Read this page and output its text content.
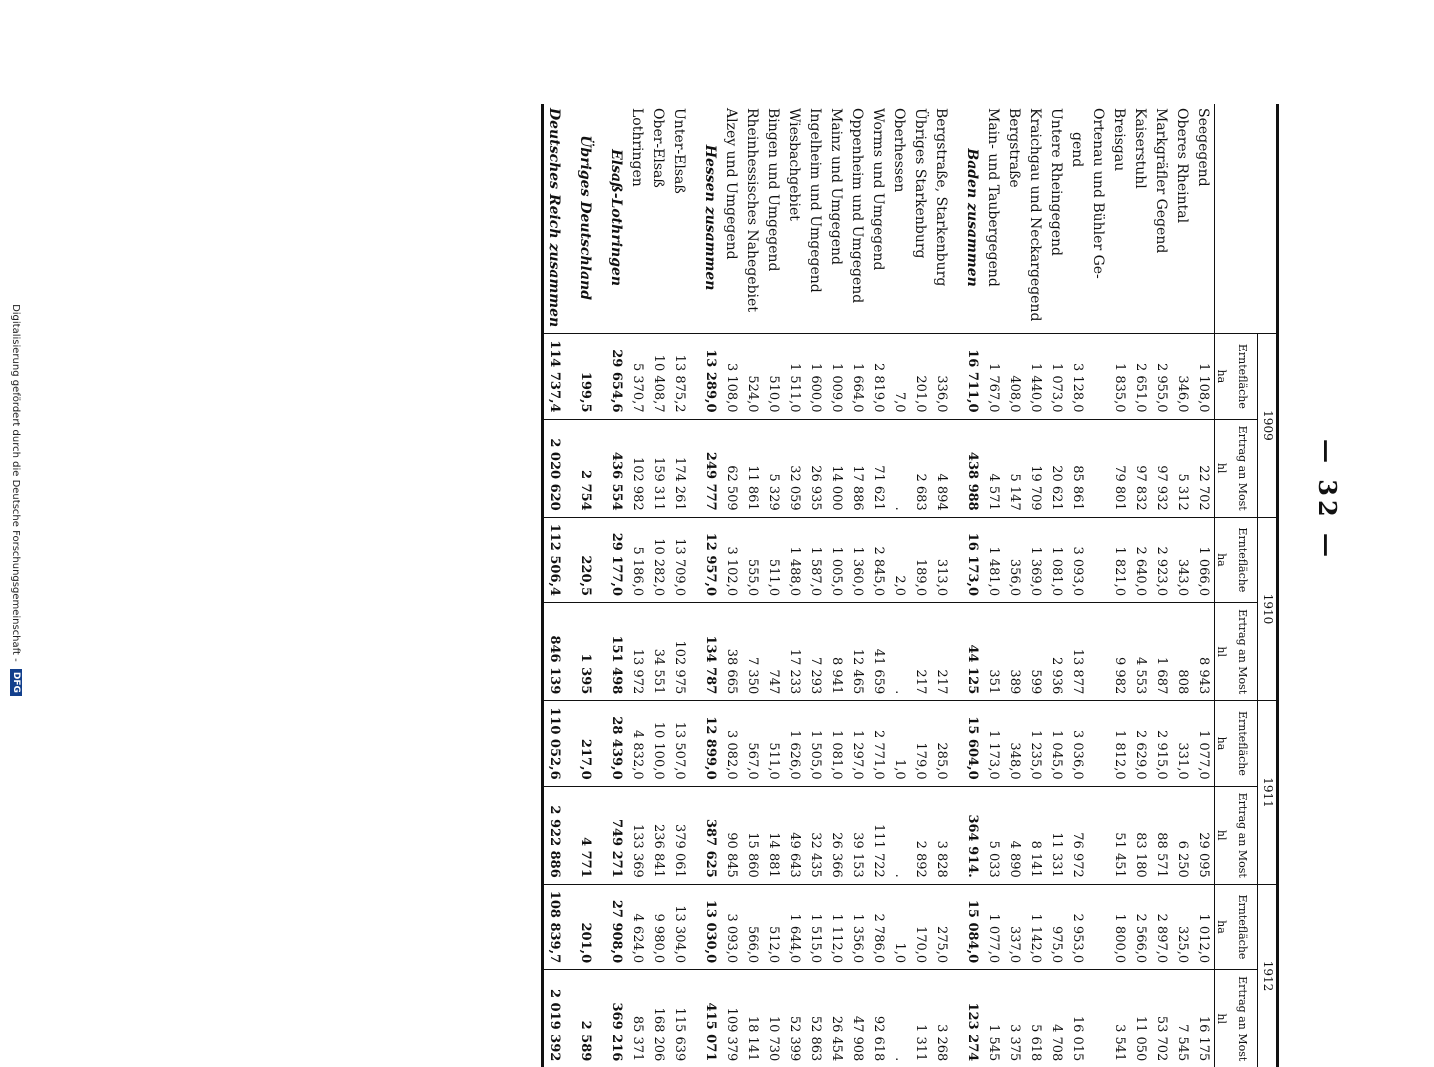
— 32 —
	1909		1910		1911		1912	
	Erntefläche	Ertrag an Most	Erntefläche	Ertrag an Most	Erntefläche	Ertrag an Most	Erntefläche	Ertrag an Most
	ha	hl	ha	hl	ha	hl	ha	hl
Seegegend	1 108,0	22 702	1 066,0	8 943	1 077,0	29 095	1 012,0	16 175
Oberes Rheintal	346,0	5 312	343,0	808	331,0	6 250	325,0	7 545
Markgräfler Gegend	2 955,0	97 932	2 923,0	1 687	2 915,0	88 571	2 897,0	53 702
Kaiserstuhl	2 651,0	97 832	2 640,0	4 553	2 629,0	83 180	2 566,0	11 050
Breisgau	1 835,0	79 801	1 821,0	9 982	1 812,0	51 451	1 800,0	3 541
Ortenau und Bühler Ge-								
gend	3 128,0	85 861	3 093,0	13 877	3 036,0	76 972	2 953,0	16 015
Untere Rheingegend	1 073,0	20 621	1 081,0	2 936	1 045,0	11 331	975,0	4 708
Kraichgau und Neckargegend	1 440,0	19 709	1 369,0	599	1 235,0	8 141	1 142,0	5 618
Bergstraße	408,0	5 147	356,0	389	348,0	4 890	337,0	3 375
Main- und Taubergegend	1 767,0	4 571	1 481,0	351	1 173,0	5 033	1 077,0	1 545
Baden zusammen	16 711,0	438 988	16 173,0	44 125	15 604,0	364 914.	15 084,0	123 274

Bergstraße, Starkenburg	336,0	4 894	313,0	217	285,0	3 828	275,0	3 268
Übriges Starkenburg	201,0	2 683	189,0	217	179,0	2 892	170,0	1 311
Oberhessen	7,0	.	2,0	.	1,0	.	1,0	.
Worms und Umgegend	2 819,0	71 621	2 845,0	41 659	2 771,0	111 722	2 786,0	92 618
Oppenheim und Umgegend	1 664,0	17 886	1 360,0	12 465	1 297,0	39 153	1 356,0	47 908
Mainz und Umgegend	1 009,0	14 000	1 005,0	8 941	1 081,0	26 366	1 112,0	26 454
Ingelheim und Umgegend	1 600,0	26 935	1 587,0	7 293	1 505,0	32 435	1 515,0	52 863
Wiesbachgebiet	1 511,0	32 059	1 488,0	17 233	1 626,0	49 643	1 644,0	52 399
Bingen und Umgegend	510,0	5 329	511,0	747	511,0	14 881	512,0	10 730
Rheinhessisches Nahegebiet	524,0	11 861	555,0	7 350	567,0	15 860	566,0	18 141
Alzey und Umgegend	3 108,0	62 509	3 102,0	38 665	3 082,0	90 845	3 093,0	109 379
Hessen zusammen	13 289,0	249 777	12 957,0	134 787	12 899,0	387 625	13 030,0	415 071

Unter-Elsaß	13 875,2	174 261	13 709,0	102 975	13 507,0	379 061	13 304,0	115 639
Ober-Elsaß	10 408,7	159 311	10 282,0	34 551	10 100,0	236 841	9 980,0	168 206
Lothringen	5 370,7	102 982	5 186,0	13 972	4 832,0	133 369	4 624,0	85 371
Elsaß-Lothringen	29 654,6	436 554	29 177,0	151 498	28 439,0	749 271	27 908,0	369 216

Übriges Deutschland	199,5	2 754	220,5	1 395	217,0	4 771	201,0	2 589

Deutsches Reich zusammen	114 737,4	2 020 620	112 506,4	846 139	110 052,6	2 922 886	108 839,7	2 019 392
Digitalisierung gefördert durch die Deutsche Forschungsgemeinschaft - DFG
